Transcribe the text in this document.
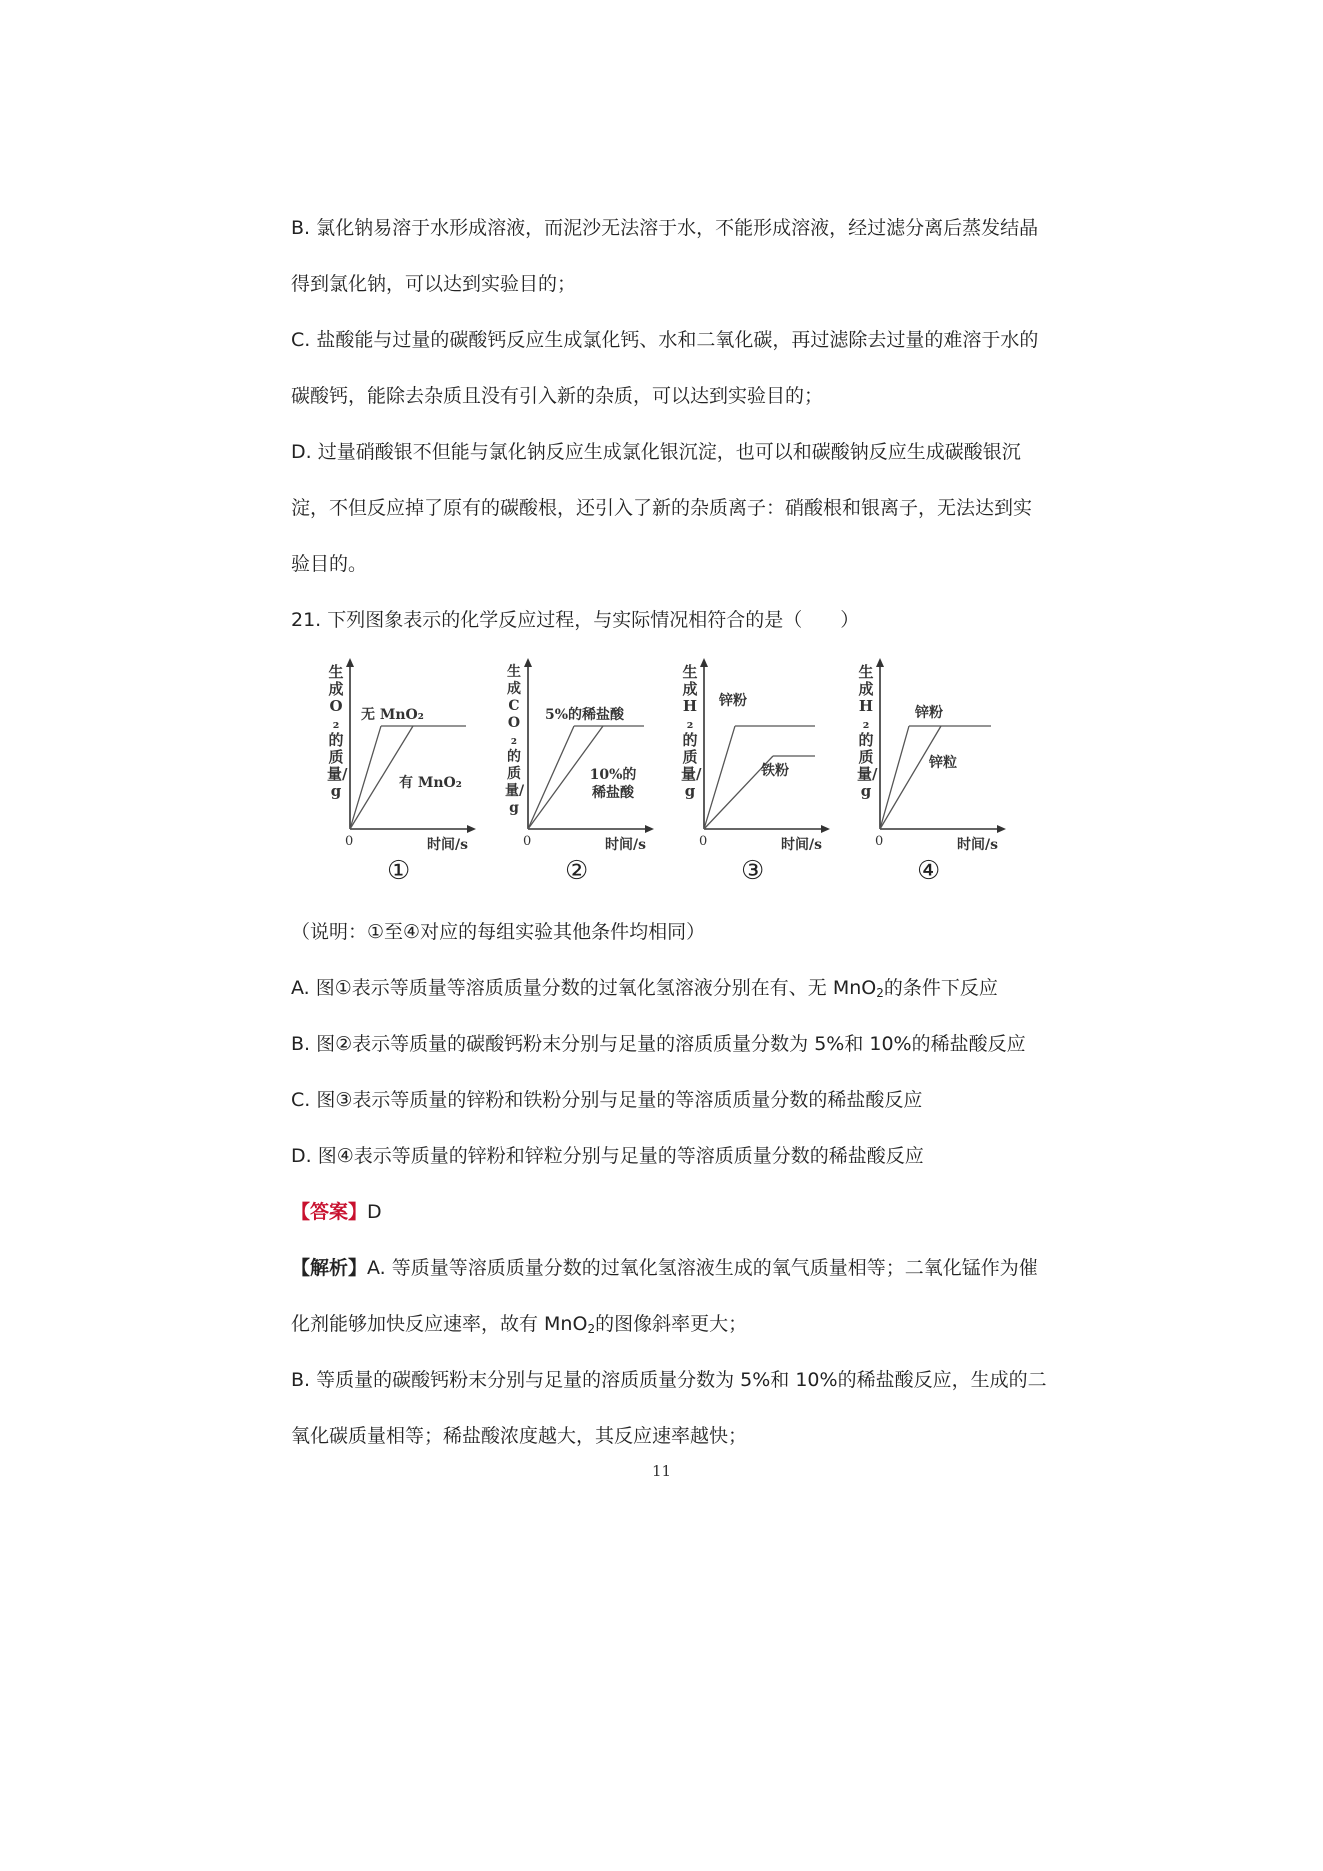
B. 氯化钠易溶于水形成溶液，而泥沙无法溶于水，不能形成溶液，经过滤分离后蒸发结晶

得到氯化钠，可以达到实验目的；

C. 盐酸能与过量的碳酸钙反应生成氯化钙、水和二氧化碳，再过滤除去过量的难溶于水的

碳酸钙，能除去杂质且没有引入新的杂质，可以达到实验目的；

D. 过量硝酸银不但能与氯化钠反应生成氯化银沉淀，也可以和碳酸钠反应生成碳酸银沉

淀，不但反应掉了原有的碳酸根，还引入了新的杂质离子：硝酸根和银离子，无法达到实

验目的。

21. 下列图象表示的化学反应过程，与实际情况相符合的是（　　）

生成O₂的质量/g
无 MnO₂
有 MnO₂
0	时间/s
①
生成CO₂的质量/g
5%的稀盐酸
10%的稀盐酸
0	时间/s
②
生成H₂的质量/g
锌粉
铁粉
0	时间/s
③
生成H₂的质量/g
锌粉
锌粒
0	时间/s
④

（说明：①至④对应的每组实验其他条件均相同）

A. 图①表示等质量等溶质质量分数的过氧化氢溶液分别在有、无 MnO$_2$的条件下反应

B. 图②表示等质量的碳酸钙粉末分别与足量的溶质质量分数为 5%和 10%的稀盐酸反应

C. 图③表示等质量的锌粉和铁粉分别与足量的等溶质质量分数的稀盐酸反应

D. 图④表示等质量的锌粉和锌粒分别与足量的等溶质质量分数的稀盐酸反应

【答案】D

【解析】A. 等质量等溶质质量分数的过氧化氢溶液生成的氧气质量相等；二氧化锰作为催

化剂能够加快反应速率，故有 MnO$_2$的图像斜率更大；

B. 等质量的碳酸钙粉末分别与足量的溶质质量分数为 5%和 10%的稀盐酸反应，生成的二

氧化碳质量相等；稀盐酸浓度越大，其反应速率越快；

11
